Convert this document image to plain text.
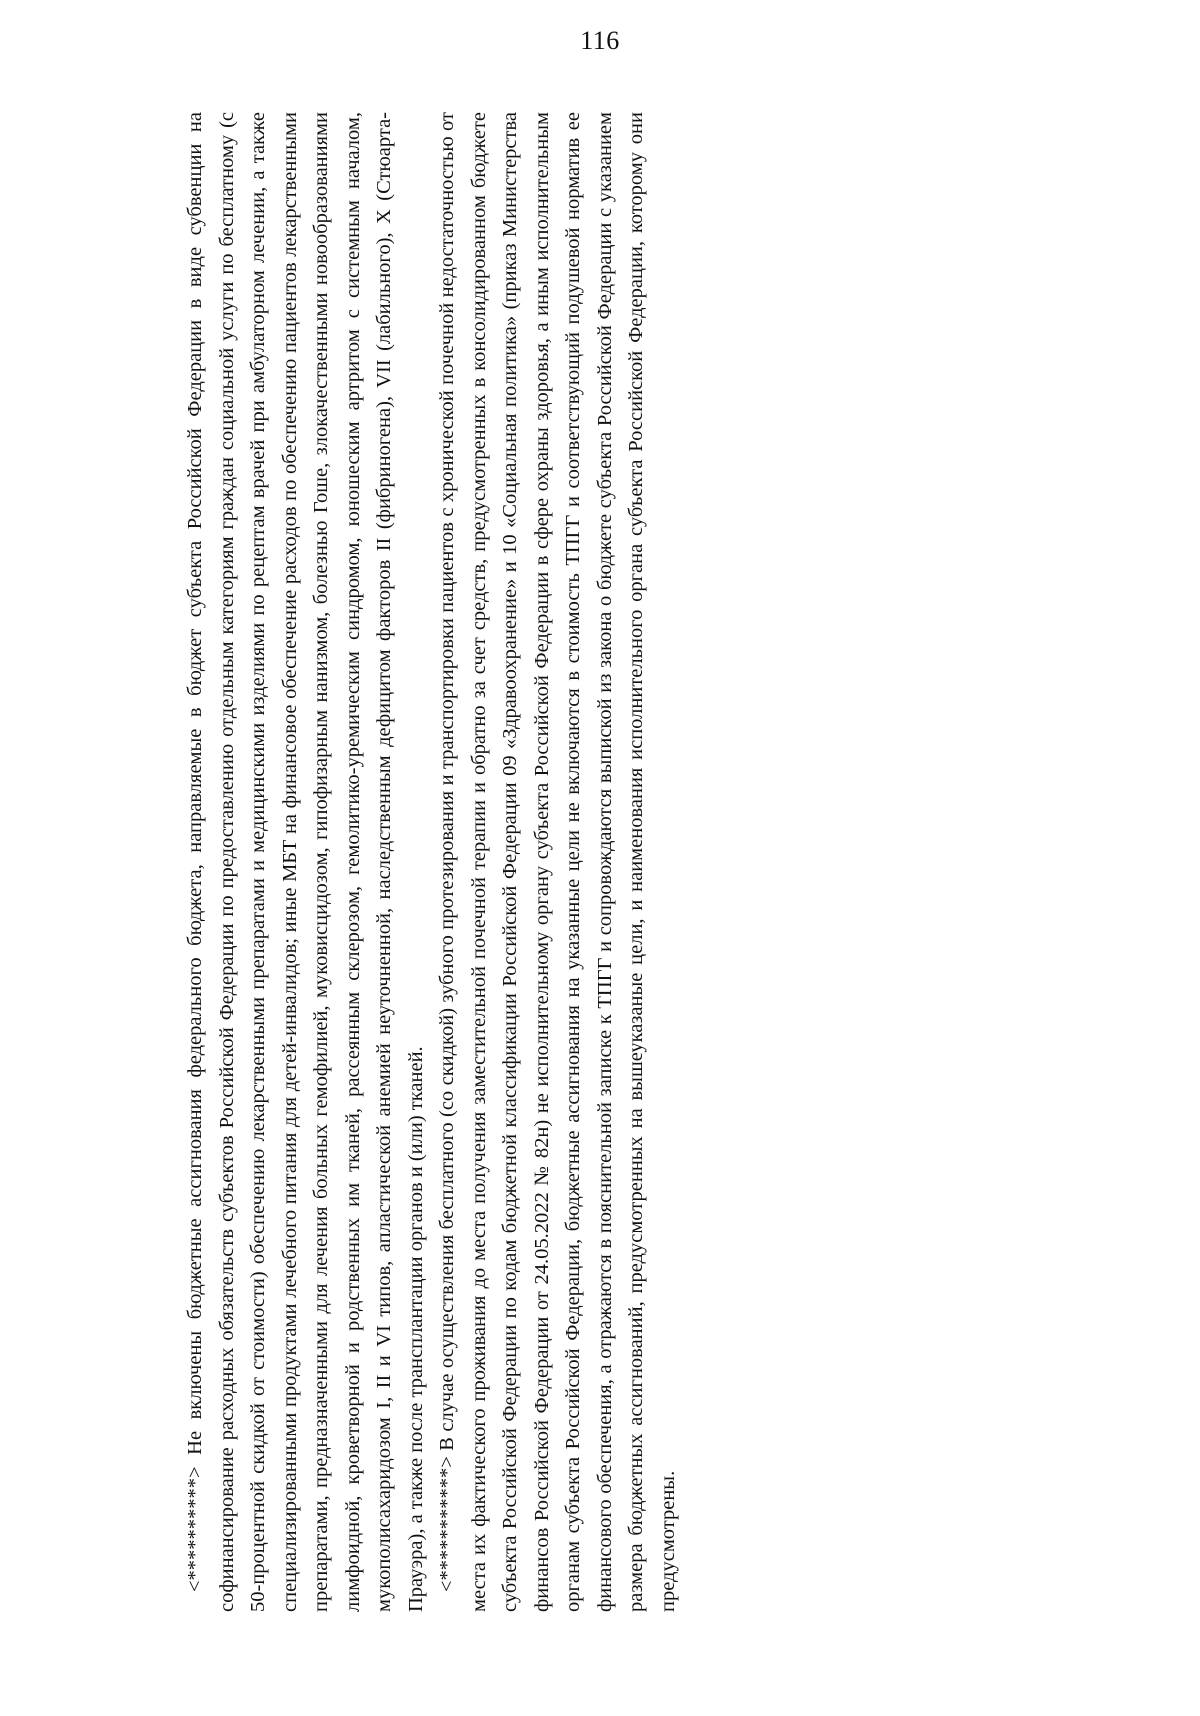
116

<**********> Не включены бюджетные ассигнования федерального бюджета, направляемые в бюджет субъекта Российской Федерации в виде субвенции на софинансирование расходных обязательств субъектов Российской Федерации по предоставлению отдельным категориям граждан социальной услуги по бесплатному (с 50-процентной скидкой от стоимости) обеспечению лекарственными препаратами и медицинскими изделиями по рецептам врачей при амбулаторном лечении, а также специализированными продуктами лечебного питания для детей-инвалидов; иные МБТ на финансовое обеспечение расходов по обеспечению пациентов лекарственными препаратами, предназначенными для лечения больных гемофилией, муковисцидозом, гипофизарным нанизмом, болезнью Гоше, злокачественными новообразованиями лимфоидной, кроветворной и родственных им тканей, рассеянным склерозом, гемолитико-уремическим синдромом, юношеским артритом с системным началом, мукополисахаридозом I, II и VI типов, апластической анемией неуточненной, наследственным дефицитом факторов II (фибриногена), VII (лабильного), X (Стюарта-Прауэра), а также после трансплантации органов и (или) тканей. <***********> В случае осуществления бесплатного (со скидкой) зубного протезирования и транспортировки пациентов с хронической почечной недостаточностью от места их фактического проживания до места получения заместительной почечной терапии и обратно за счет средств, предусмотренных в консолидированном бюджете субъекта Российской Федерации по кодам бюджетной классификации Российской Федерации 09 «Здравоохранение» и 10 «Социальная политика» (приказ Министерства финансов Российской Федерации от 24.05.2022 № 82н) не исполнительному органу субъекта Российской Федерации в сфере охраны здоровья, а иным исполнительным органам субъекта Российской Федерации, бюджетные ассигнования на указанные цели не включаются в стоимость ТПГГ и соответствующий подушевой норматив ее финансового обеспечения, а отражаются в пояснительной записке к ТПГГ и сопровождаются выпиской из закона о бюджете субъекта Российской Федерации с указанием размера бюджетных ассигнований, предусмотренных на вышеуказаные цели, и наименования исполнительного органа субъекта Российской Федерации, которому они предусмотрены.
